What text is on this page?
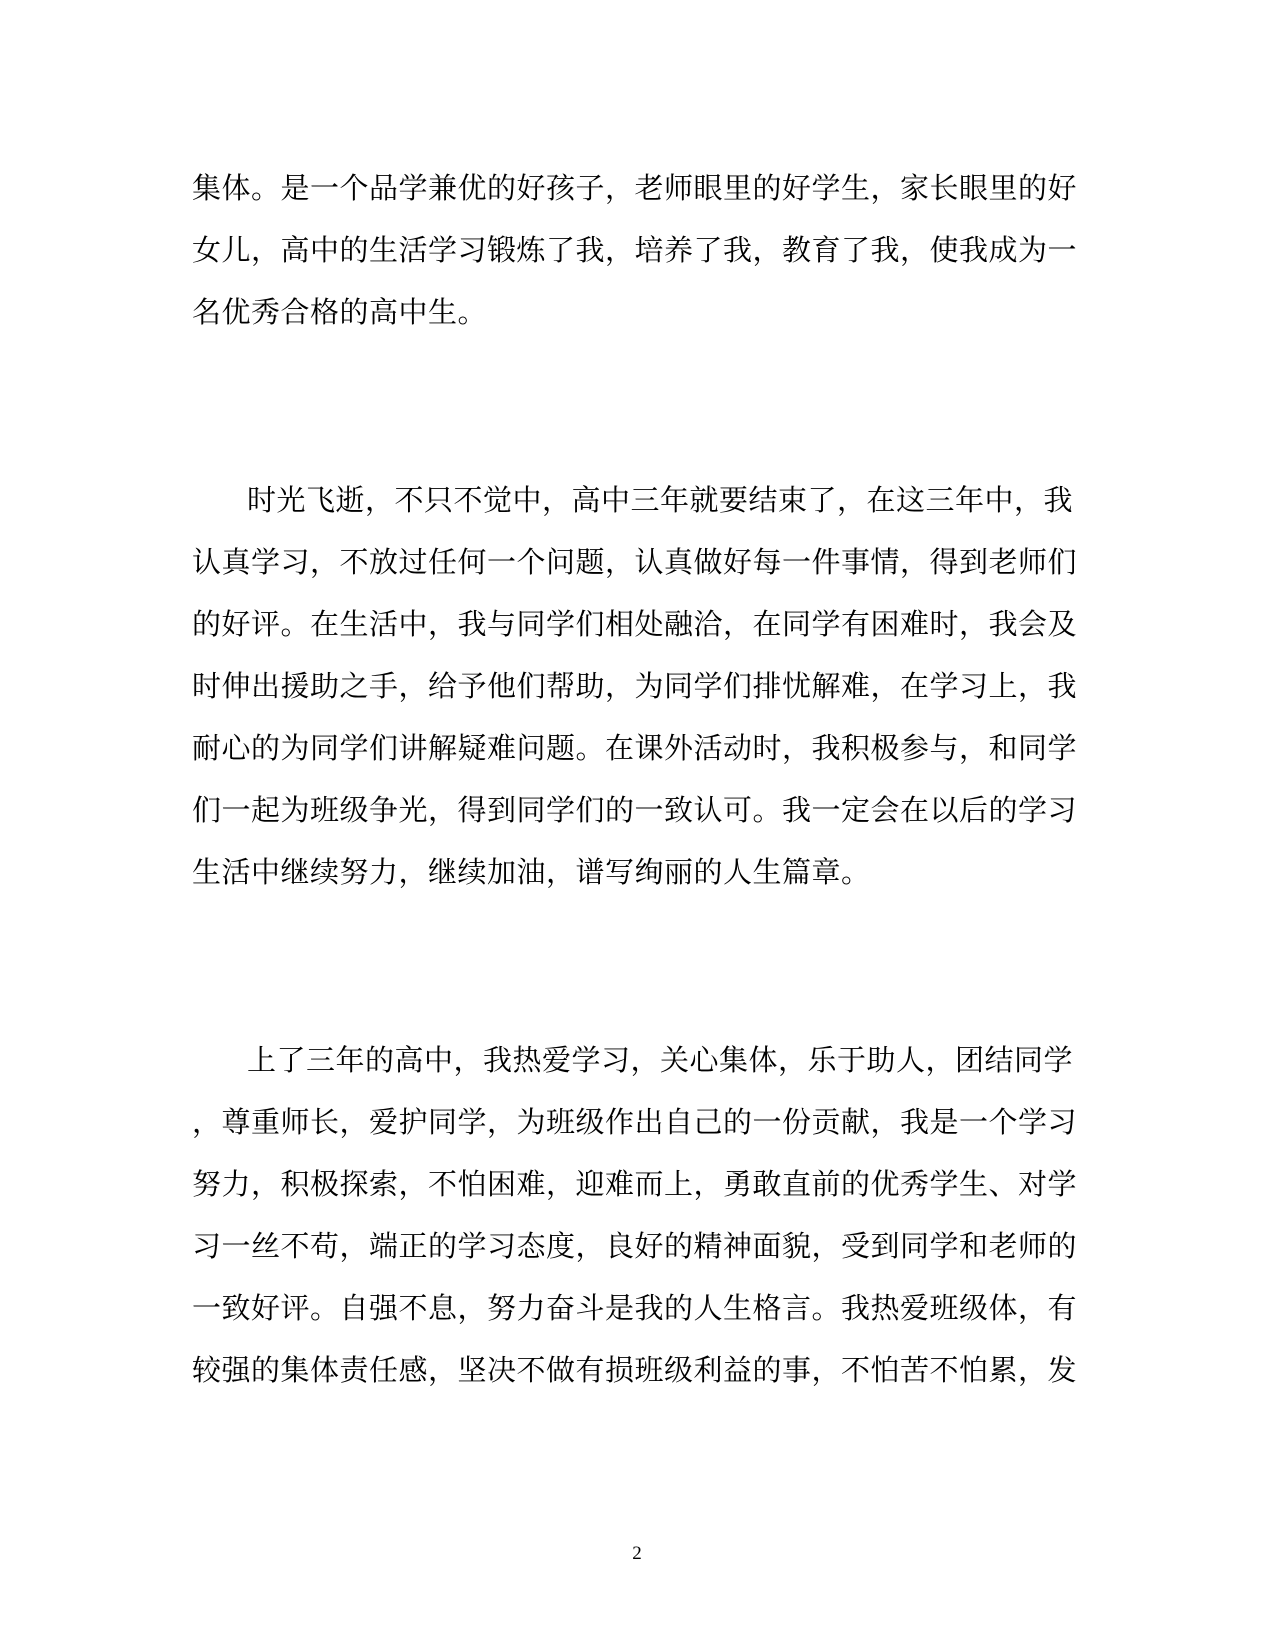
集体。是一个品学兼优的好孩子，老师眼里的好学生，家长眼里的好
女儿，高中的生活学习锻炼了我，培养了我，教育了我，使我成为一
名优秀合格的高中生。
时光飞逝，不只不觉中，高中三年就要结束了，在这三年中，我
认真学习，不放过任何一个问题，认真做好每一件事情，得到老师们
的好评。在生活中，我与同学们相处融洽，在同学有困难时，我会及
时伸出援助之手，给予他们帮助，为同学们排忧解难，在学习上，我
耐心的为同学们讲解疑难问题。在课外活动时，我积极参与，和同学
们一起为班级争光，得到同学们的一致认可。我一定会在以后的学习
生活中继续努力，继续加油，谱写绚丽的人生篇章。
上了三年的高中，我热爱学习，关心集体，乐于助人，团结同学
，尊重师长，爱护同学，为班级作出自己的一份贡献，我是一个学习
努力，积极探索，不怕困难，迎难而上，勇敢直前的优秀学生、对学
习一丝不苟，端正的学习态度，良好的精神面貌，受到同学和老师的
一致好评。自强不息，努力奋斗是我的人生格言。我热爱班级体，有
较强的集体责任感，坚决不做有损班级利益的事，不怕苦不怕累，发
2
